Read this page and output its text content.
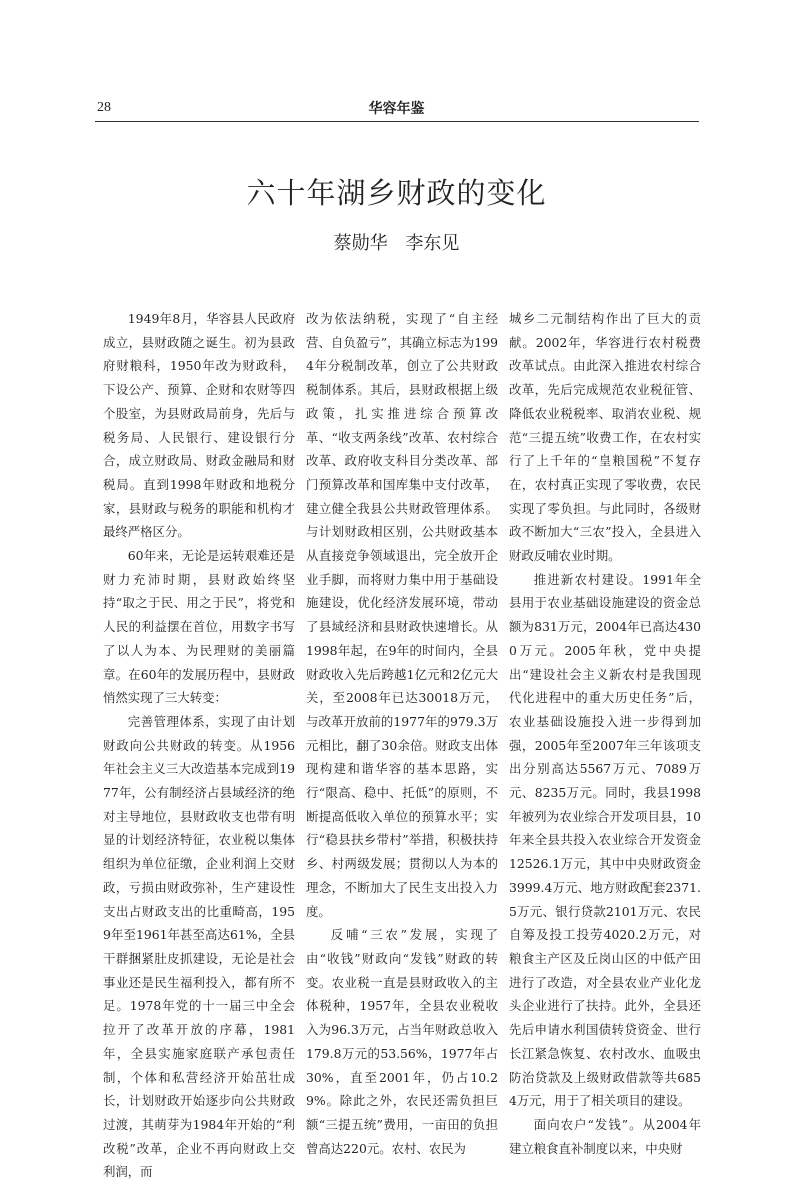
28	华容年鉴
六十年湖乡财政的变化
蔡勋华 李东见

1949年8月，华容县人民政府成立，县财政随之诞生。初为县政府财粮科，1950年改为财政科，下设公产、预算、企财和农财等四个股室，为县财政局前身，先后与税务局、人民银行、建设银行分合，成立财政局、财政金融局和财税局。直到1998年财政和地税分家，县财政与税务的职能和机构才最终严格区分。

60年来，无论是运转艰难还是财力充沛时期，县财政始终坚持“取之于民、用之于民”，将党和人民的利益摆在首位，用数字书写了以人为本、为民理财的美丽篇章。在60年的发展历程中，县财政悄然实现了三大转变：

完善管理体系，实现了由计划财政向公共财政的转变。从1956年社会主义三大改造基本完成到1977年，公有制经济占县域经济的绝对主导地位，县财政收支也带有明显的计划经济特征，农业税以集体组织为单位征缴，企业利润上交财政，亏损由财政弥补，生产建设性支出占财政支出的比重畸高，1959年至1961年甚至高达61%，全县干群捆紧肚皮抓建设，无论是社会事业还是民生福利投入，都有所不足。1978年党的十一届三中全会拉开了改革开放的序幕，1981年，全县实施家庭联产承包责任制，个体和私营经济开始茁壮成长，计划财政开始逐步向公共财政过渡，其萌芽为1984年开始的“利改税”改革，企业不再向财政上交利润，而

改为依法纳税，实现了“自主经营、自负盈亏”，其确立标志为1994年分税制改革，创立了公共财政税制体系。其后，县财政根据上级政策，扎实推进综合预算改革、“收支两条线”改革、农村综合改革、政府收支科目分类改革、部门预算改革和国库集中支付改革，建立健全我县公共财政管理体系。与计划财政相区别，公共财政基本从直接竞争领域退出，完全放开企业手脚，而将财力集中用于基础设施建设，优化经济发展环境，带动了县域经济和县财政快速增长。从1998年起，在9年的时间内，全县财政收入先后跨越1亿元和2亿元大关，至2008年已达30018万元，与改革开放前的1977年的979.3万元相比，翻了30余倍。财政支出体现构建和谐华容的基本思路，实行“限高、稳中、托低”的原则，不断提高低收入单位的预算水平；实行“稳县扶乡带村”举措，积极扶持乡、村两级发展；贯彻以人为本的理念，不断加大了民生支出投入力度。

反哺“三农”发展，实现了由“收钱”财政向“发钱”财政的转变。农业税一直是县财政收入的主体税种，1957年，全县农业税收入为96.3万元，占当年财政总收入179.8万元的53.56%，1977年占30%，直至2001年，仍占10.29%。除此之外，农民还需负担巨额“三提五统”费用，一亩田的负担曾高达220元。农村、农民为

城乡二元制结构作出了巨大的贡献。2002年，华容进行农村税费改革试点。由此深入推进农村综合改革，先后完成规范农业税征管、降低农业税税率、取消农业税、规范“三提五统”收费工作，在农村实行了上千年的“皇粮国税”不复存在，农村真正实现了零收费，农民实现了零负担。与此同时，各级财政不断加大“三农”投入，全县进入财政反哺农业时期。

推进新农村建设。1991年全县用于农业基础设施建设的资金总额为831万元，2004年已高达4300万元。2005年秋，党中央提出“建设社会主义新农村是我国现代化进程中的重大历史任务”后，农业基础设施投入进一步得到加强，2005年至2007年三年该项支出分别高达5567万元、7089万元、8235万元。同时，我县1998年被列为农业综合开发项目县，10年来全县共投入农业综合开发资金12526.1万元，其中中央财政资金3999.4万元、地方财政配套2371.5万元、银行贷款2101万元、农民自筹及投工投劳4020.2万元，对粮食主产区及丘岗山区的中低产田进行了改造，对全县农业产业化龙头企业进行了扶持。此外，全县还先后申请水利国债转贷资金、世行长江紧急恢复、农村改水、血吸虫防治贷款及上级财政借款等共6854万元，用于了相关项目的建设。

面向农户“发钱”。从2004年建立粮食直补制度以来，中央财
